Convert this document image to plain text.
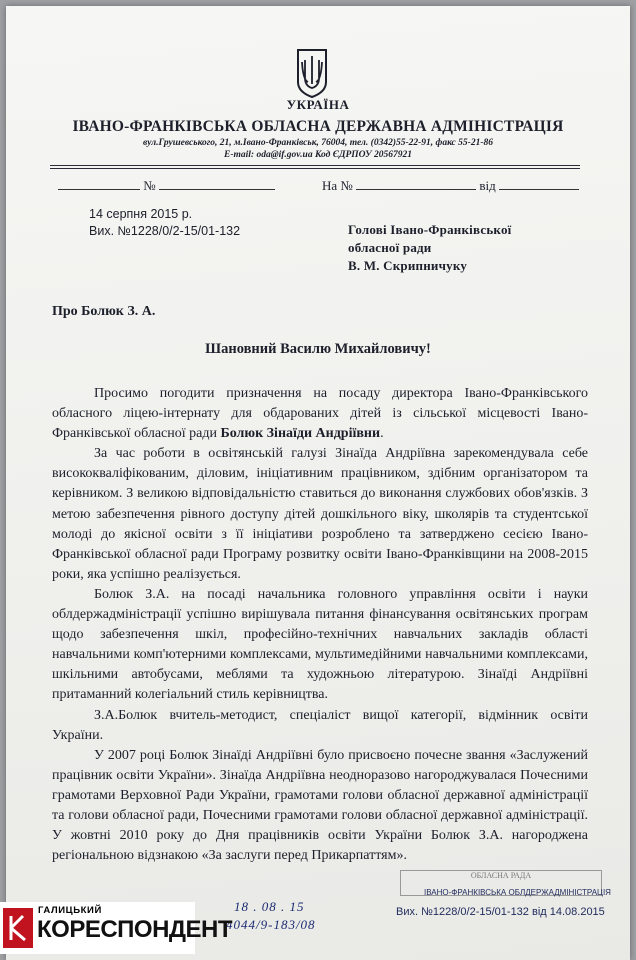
УКРАЇНА
ІВАНО-ФРАНКІВСЬКА ОБЛАСНА ДЕРЖАВНА АДМІНІСТРАЦІЯ
вул.Грушевського, 21, м.Івано-Франківськ, 76004, тел. (0342)55-22-91, факс 55-21-86
E-mail: oda@if.gov.ua Код ЄДРПОУ 20567921
№	На №	від
14 серпня 2015 р.
Вих. №1228/0/2-15/01-132	Голові Івано-Франківської
обласної ради
В. М. Скрипничуку
Про Болюк З. А.
Шановний Василю Михайловичу!

Просимо погодити призначення на посаду директора Івано-Франківського обласного ліцею-інтернату для обдарованих дітей із сільської місцевості Івано-Франківської обласної ради Болюк Зінаїди Андріївни.

За час роботи в освітянській галузі Зінаїда Андріївна зарекомендувала себе висококваліфікованим, діловим, ініціативним працівником, здібним організатором та керівником. З великою відповідальністю ставиться до виконання службових обов'язків. З метою забезпечення рівного доступу дітей дошкільного віку, школярів та студентської молоді до якісної освіти з її ініціативи розроблено та затверджено сесією Івано-Франківської обласної ради Програму розвитку освіти Івано-Франківщини на 2008-2015 роки, яка успішно реалізується.

Болюк З.А. на посаді начальника головного управління освіти і науки облдержадміністрації успішно вирішувала питання фінансування освітянських програм щодо забезпечення шкіл, професійно-технічних навчальних закладів області навчальними комп'ютерними комплексами, мультимедійними навчальними комплексами, шкільними автобусами, меблями та художньою літературою. Зінаїді Андріївні притаманний колегіальний стиль керівництва.

З.А.Болюк вчитель-методист, спеціаліст вищої категорії, відмінник освіти України.

У 2007 році Болюк Зінаїді Андріївні було присвоєно почесне звання «Заслужений працівник освіти України». Зінаїда Андріївна неодноразово нагороджувалася Почесними грамотами Верховної Ради України, грамотами голови обласної державної адміністрації та голови обласної ради, Почесними грамотами голови обласної державної адміністрації. У жовтні 2010 року до Дня працівників освіти України Болюк З.А. нагороджена регіональною відзнакою «За заслуги перед Прикарпаттям».

ОБЛАСНА РАДА
ІВАНО-ФРАНКІВСЬКА ОБЛДЕРЖАДМІНІСТРАЦІЯ
Вих. №1228/0/2-15/01-132 від 14.08.2015
18 . 08 . 15
4044/9-183/08
ГАЛИЦЬКИЙ
КОРЕСПОНДЕНТ
